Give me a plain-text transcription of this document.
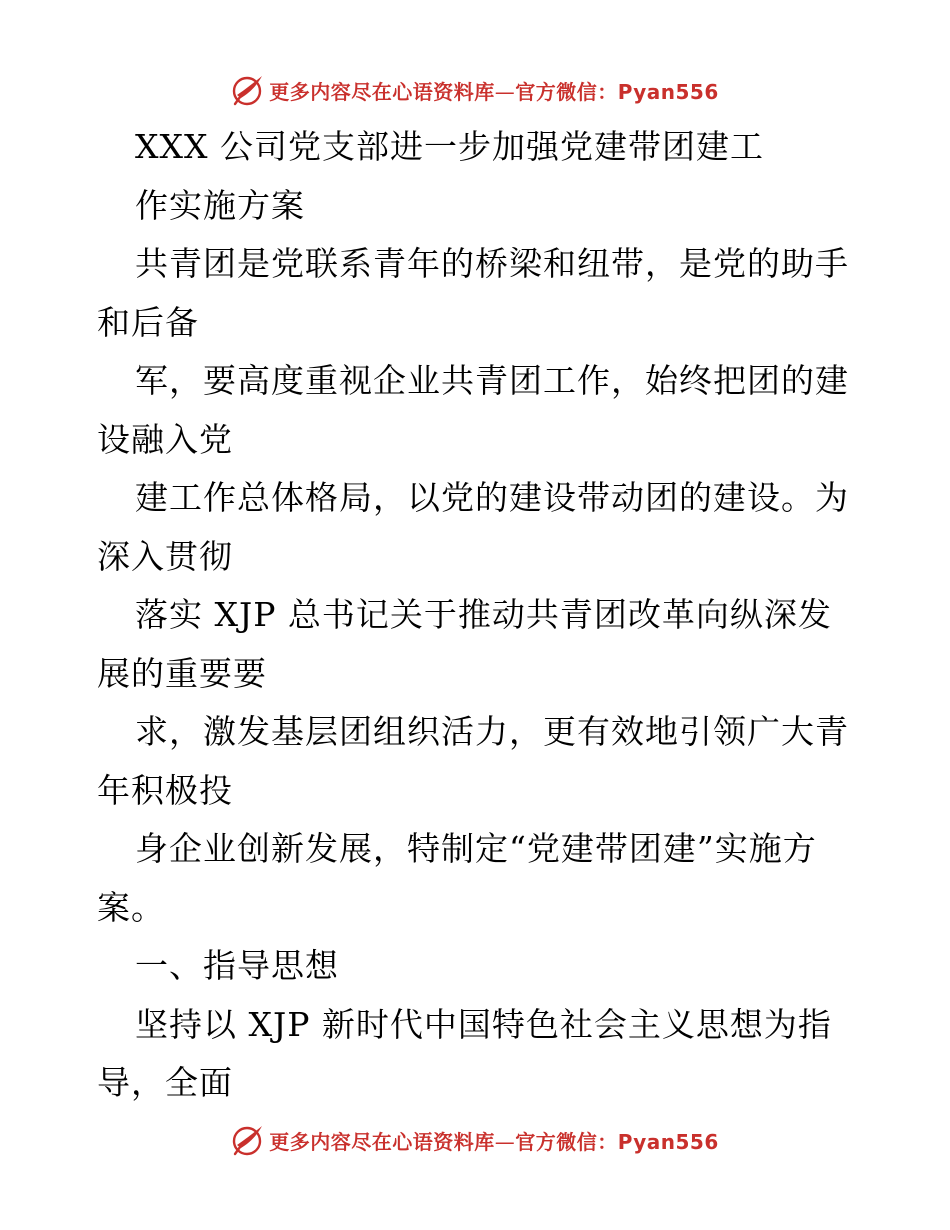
更多内容尽在心语资料库—官方微信：Pyan556
XXX 公司党支部进一步加强党建带团建工
作实施方案
共青团是党联系青年的桥梁和纽带，是党的助手
和后备
军，要高度重视企业共青团工作，始终把团的建
设融入党
建工作总体格局，以党的建设带动团的建设。为
深入贯彻
落实 XJP 总书记关于推动共青团改革向纵深发
展的重要要
求，激发基层团组织活力，更有效地引领广大青
年积极投
身企业创新发展，特制定“党建带团建”实施方
案。
一、指导思想
坚持以 XJP 新时代中国特色社会主义思想为指
导，全面
更多内容尽在心语资料库—官方微信：Pyan556
